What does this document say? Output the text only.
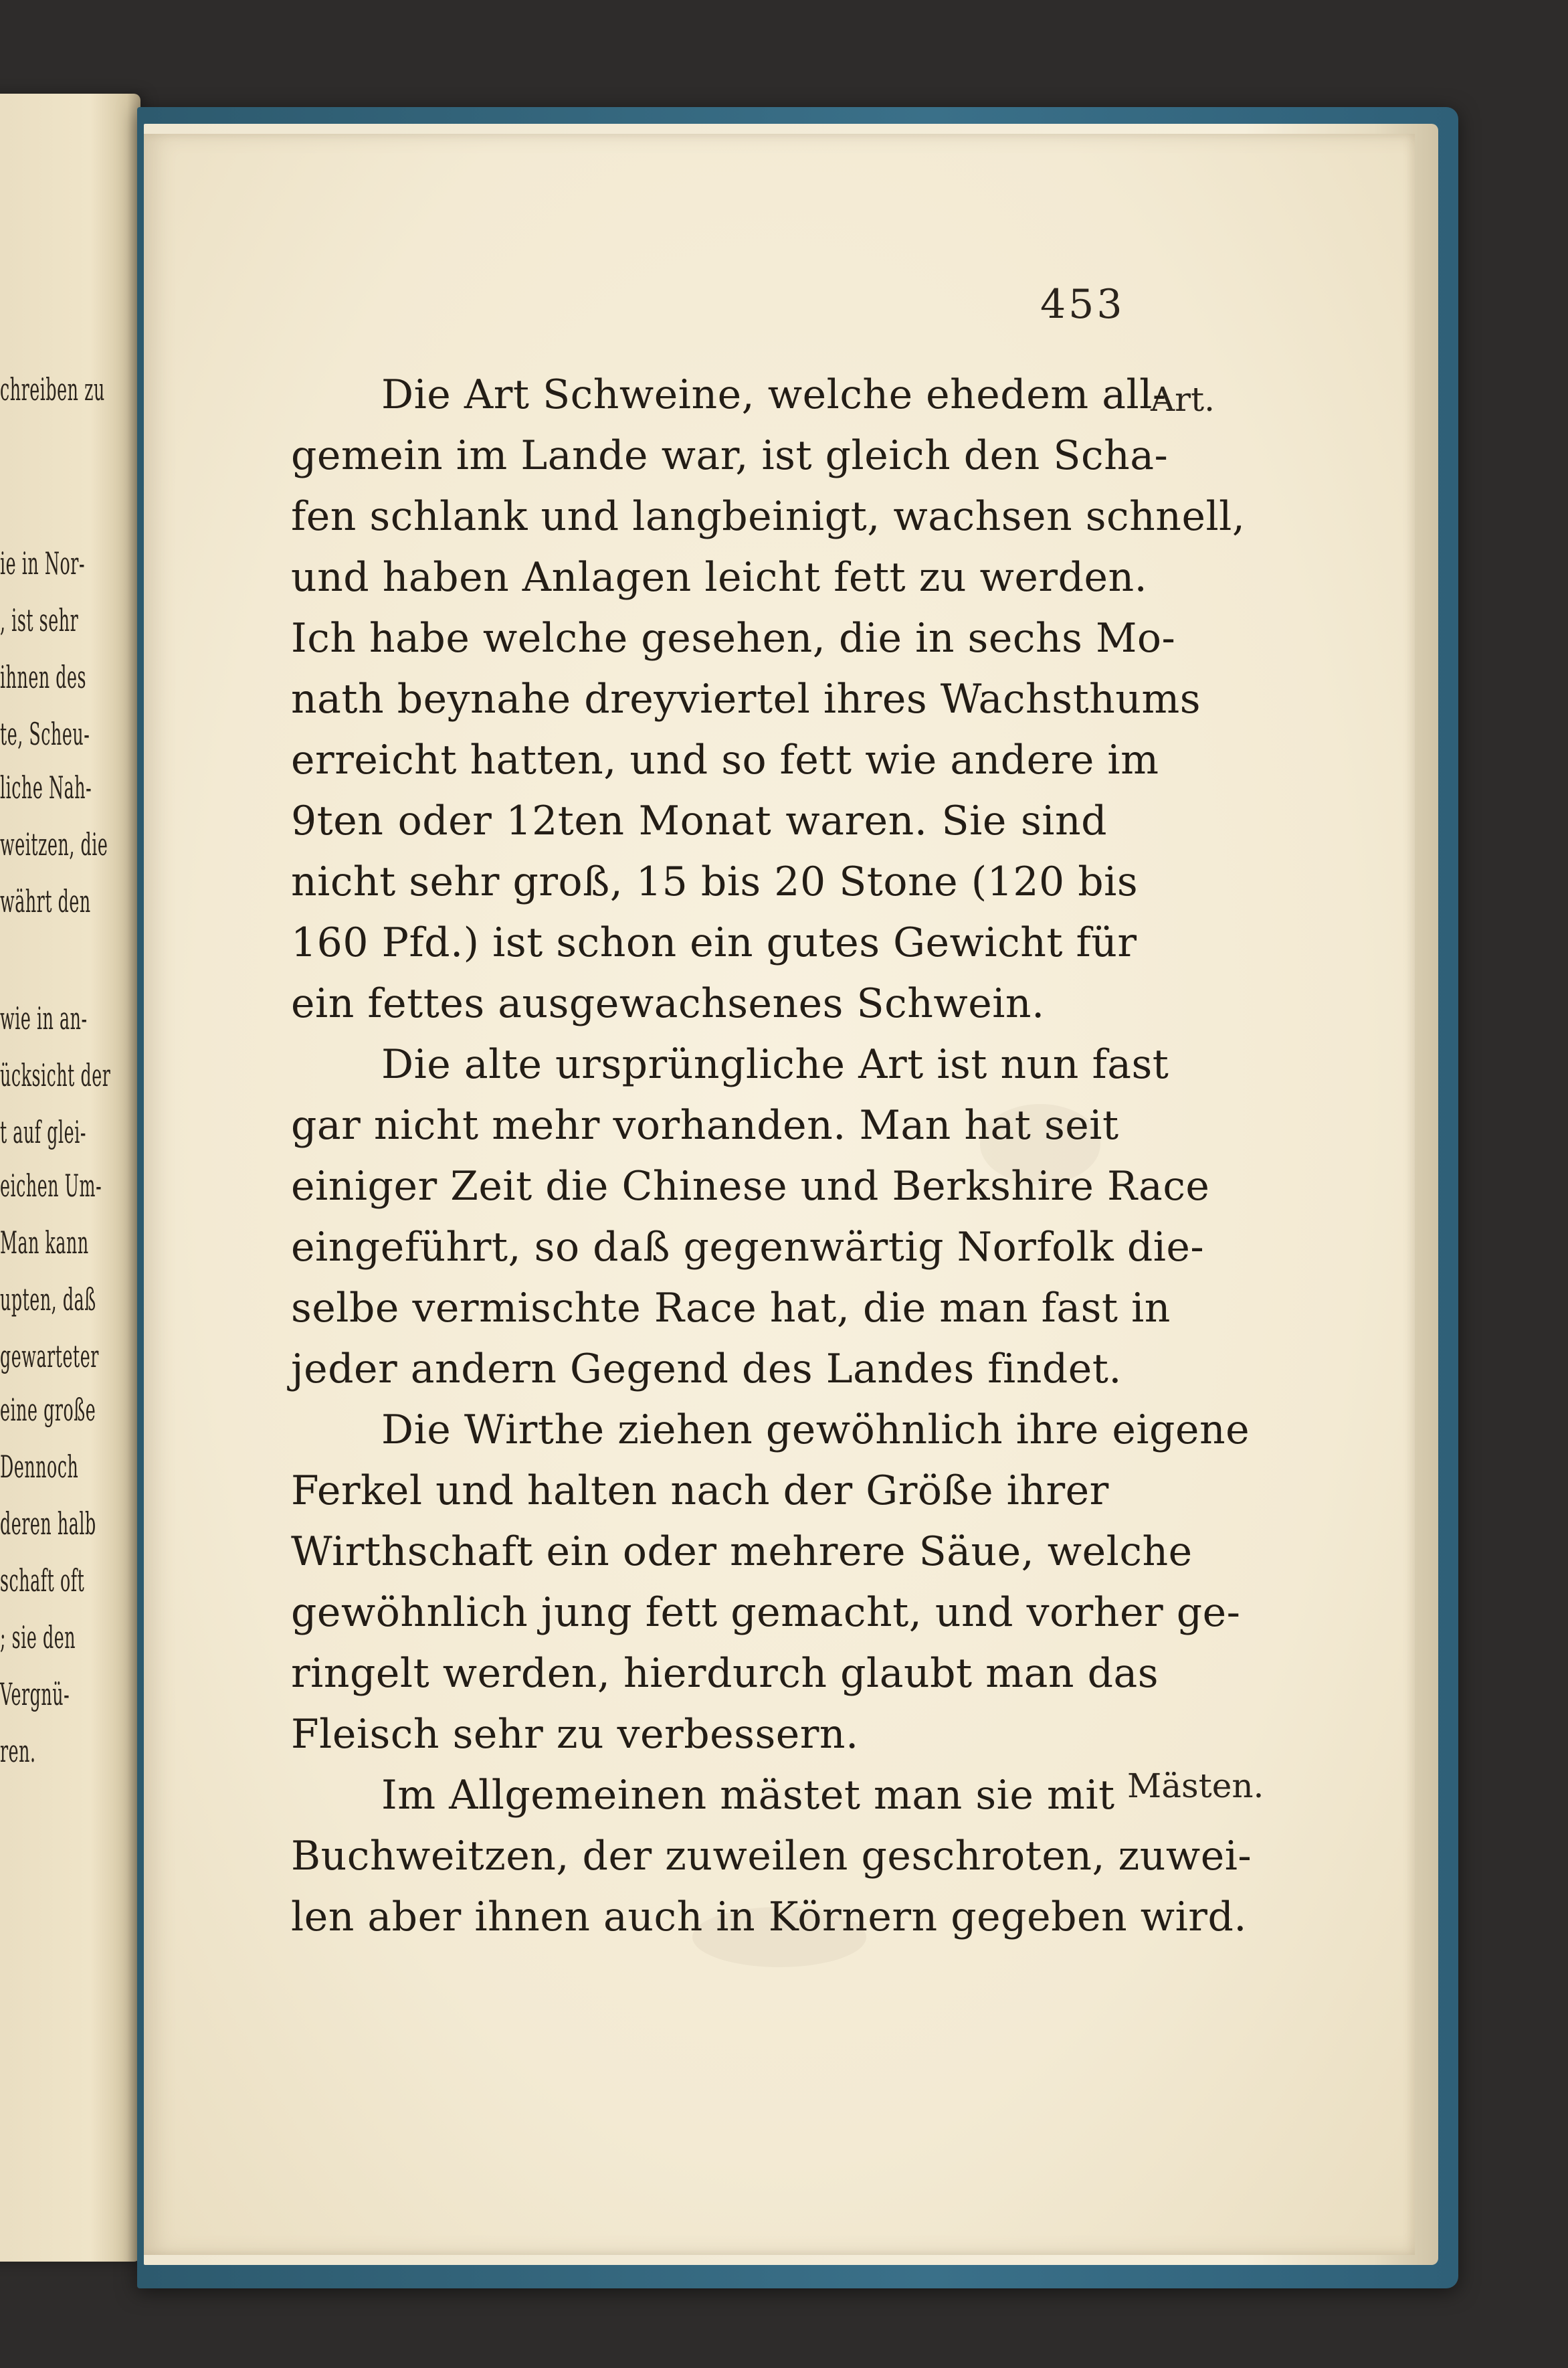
chreiben zu
ie in Nor-
, ist sehr
ihnen des
te, Scheu-
liche Nah-
weitzen, die
währt den
wie in an-
ücksicht der
t auf glei-
eichen Um-
Man kann
upten, daß
gewarteter
eine große
Dennoch
deren halb
schaft oft
; sie den
Vergnü-
ren.
453
Art.
Mästen.
Die Art Schweine, welche ehedem all-
gemein im Lande war, ist gleich den Scha-
fen schlank und langbeinigt, wachsen schnell,
und haben Anlagen leicht fett zu werden.
Ich habe welche gesehen, die in sechs Mo-
nath beynahe dreyviertel ihres Wachsthums
erreicht hatten, und so fett wie andere im
9ten oder 12ten Monat waren. Sie sind
nicht sehr groß, 15 bis 20 Stone (120 bis
160 Pfd.) ist schon ein gutes Gewicht für
ein fettes ausgewachsenes Schwein.
Die alte ursprüngliche Art ist nun fast
gar nicht mehr vorhanden. Man hat seit
einiger Zeit die Chinese und Berkshire Race
eingeführt, so daß gegenwärtig Norfolk die-
selbe vermischte Race hat, die man fast in
jeder andern Gegend des Landes findet.
Die Wirthe ziehen gewöhnlich ihre eigene
Ferkel und halten nach der Größe ihrer
Wirthschaft ein oder mehrere Säue, welche
gewöhnlich jung fett gemacht, und vorher ge-
ringelt werden, hierdurch glaubt man das
Fleisch sehr zu verbessern.
Im Allgemeinen mästet man sie mit
Buchweitzen, der zuweilen geschroten, zuwei-
len aber ihnen auch in Körnern gegeben wird.
